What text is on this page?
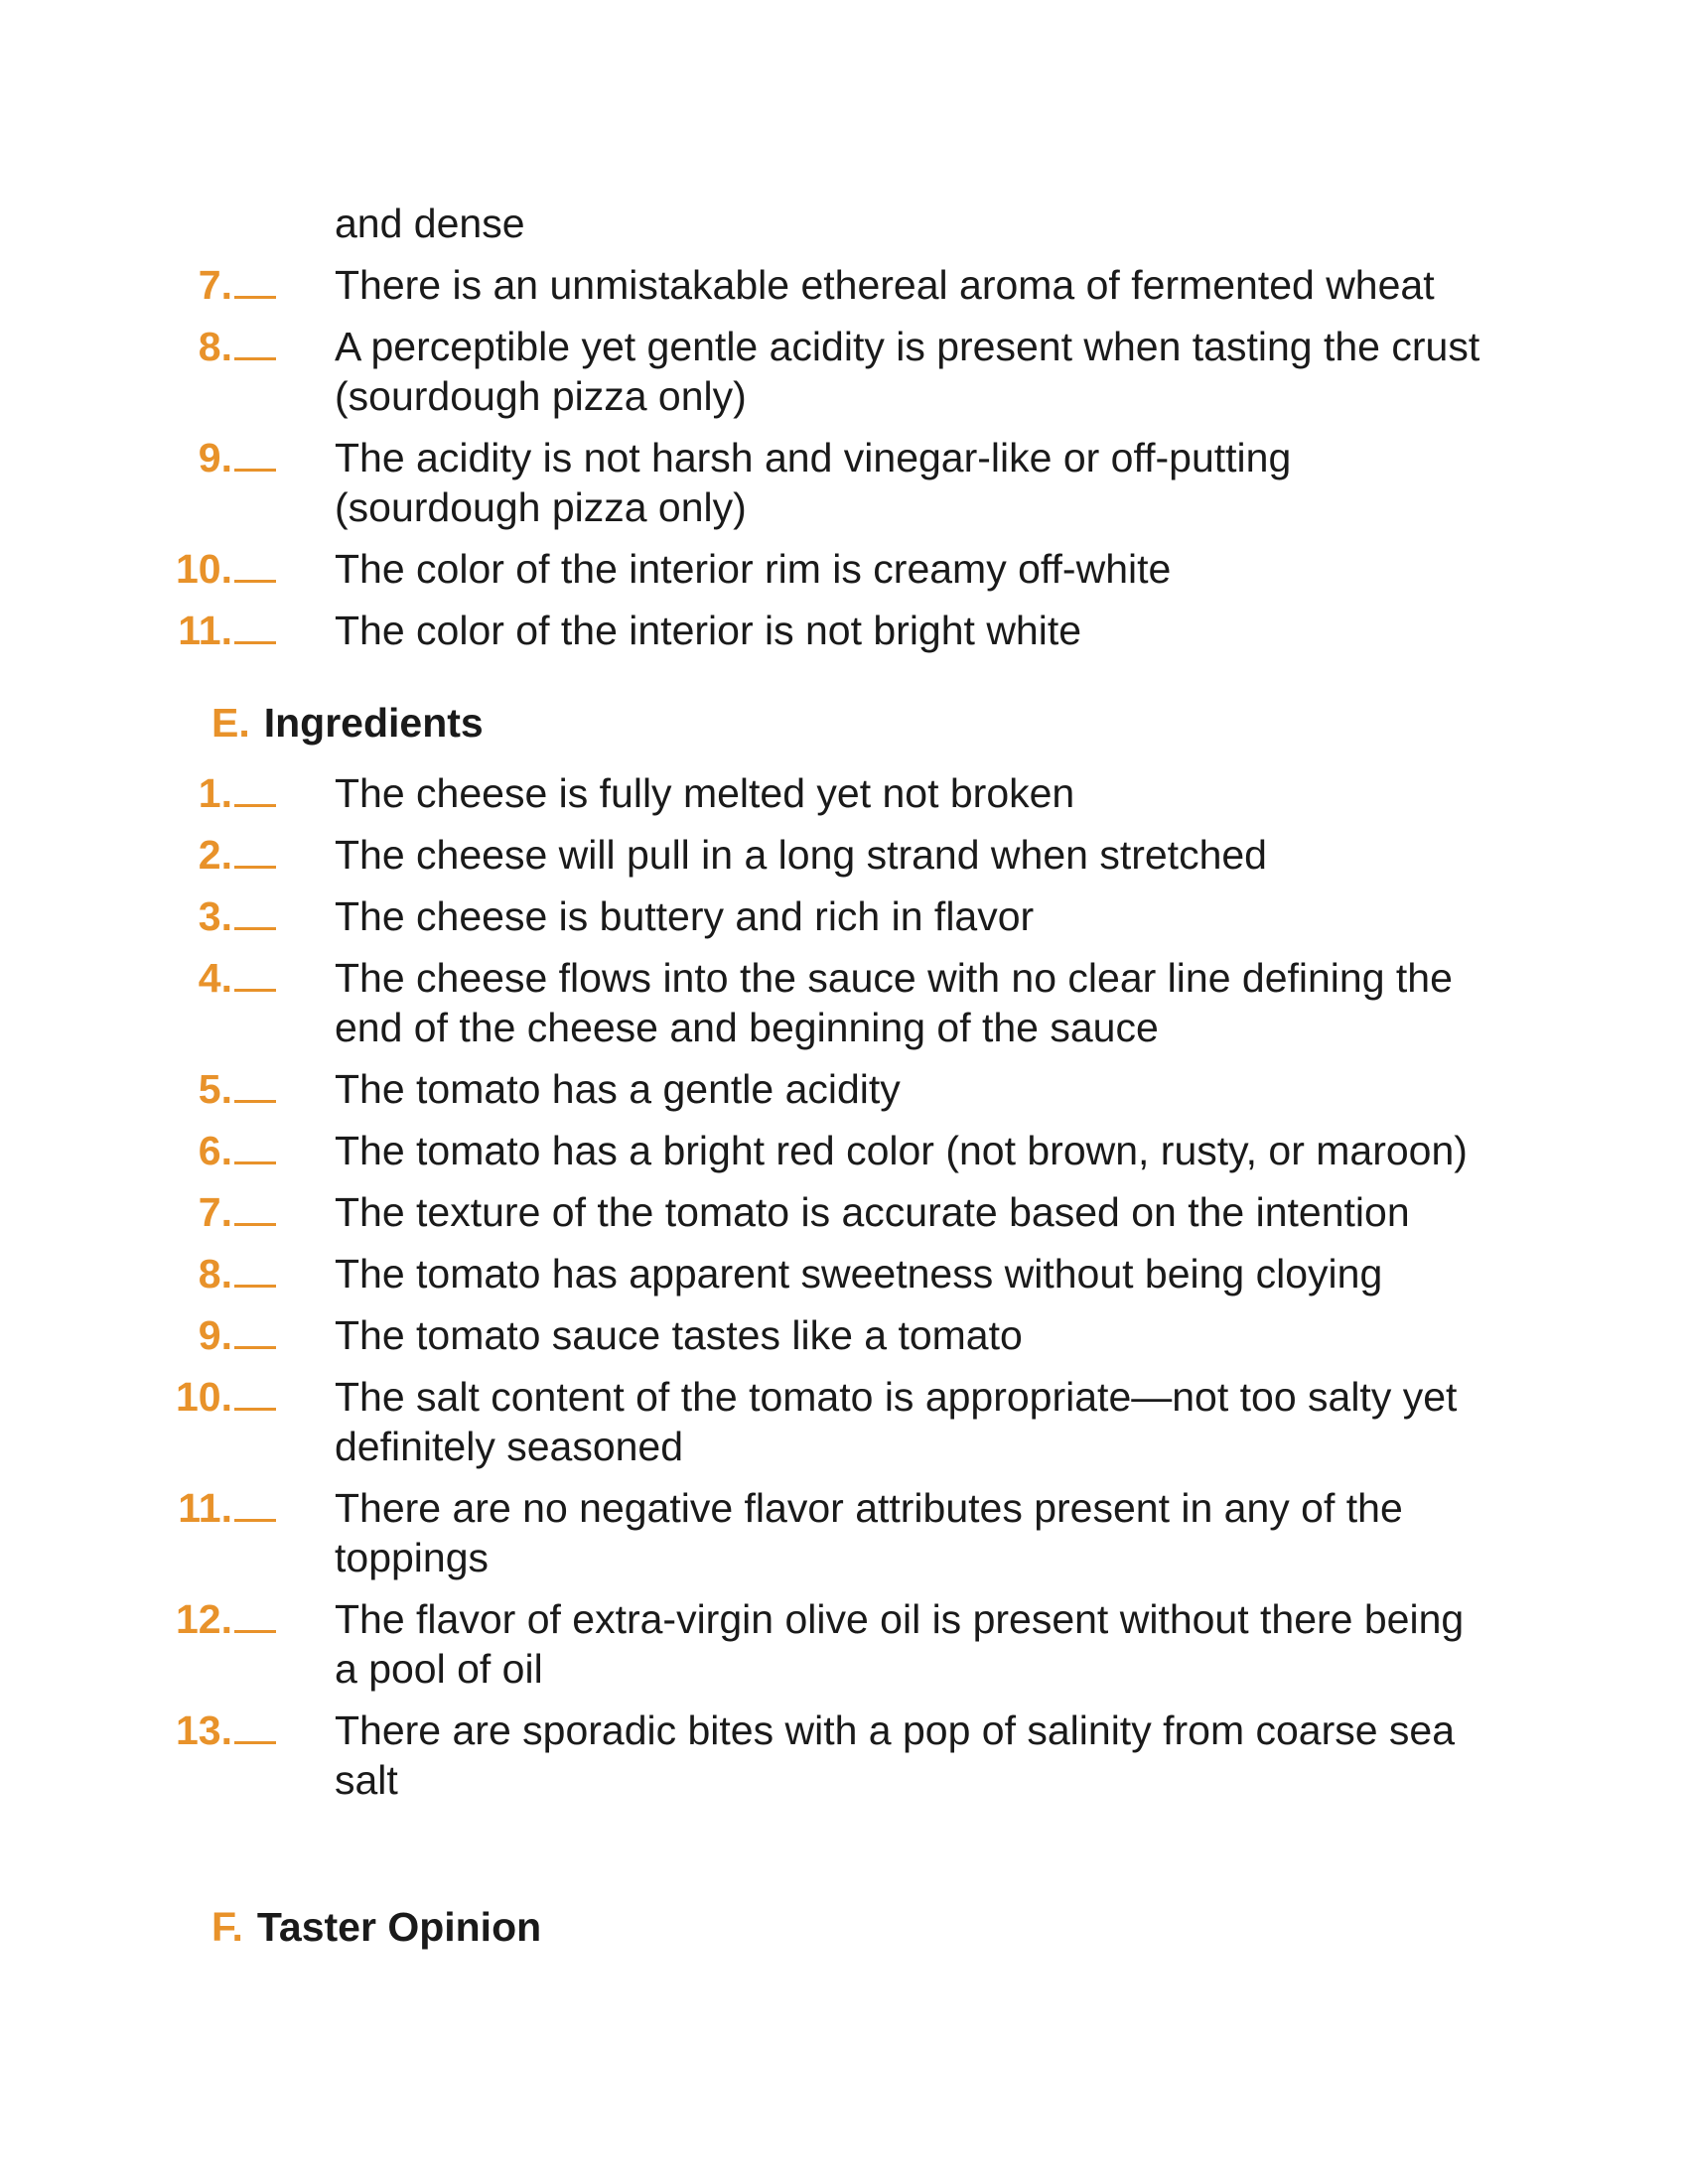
and dense
7.	There is an unmistakable ethereal aroma of fermented wheat
8.	A perceptible yet gentle acidity is present when tasting the crust (sourdough pizza only)
9.	The acidity is not harsh and vinegar-like or off-putting (sourdough pizza only)
10.	The color of the interior rim is creamy off-white
11.	The color of the interior is not bright white
E. Ingredients
1.	The cheese is fully melted yet not broken
2.	The cheese will pull in a long strand when stretched
3.	The cheese is buttery and rich in flavor
4.	The cheese flows into the sauce with no clear line defining the end of the cheese and beginning of the sauce
5.	The tomato has a gentle acidity
6.	The tomato has a bright red color (not brown, rusty, or maroon)
7.	The texture of the tomato is accurate based on the intention
8.	The tomato has apparent sweetness without being cloying
9.	The tomato sauce tastes like a tomato
10.	The salt content of the tomato is appropriate—not too salty yet definitely seasoned
11.	There are no negative flavor attributes present in any of the toppings
12.	The flavor of extra-virgin olive oil is present without there being a pool of oil
13.	There are sporadic bites with a pop of salinity from coarse sea salt
F. Taster Opinion
